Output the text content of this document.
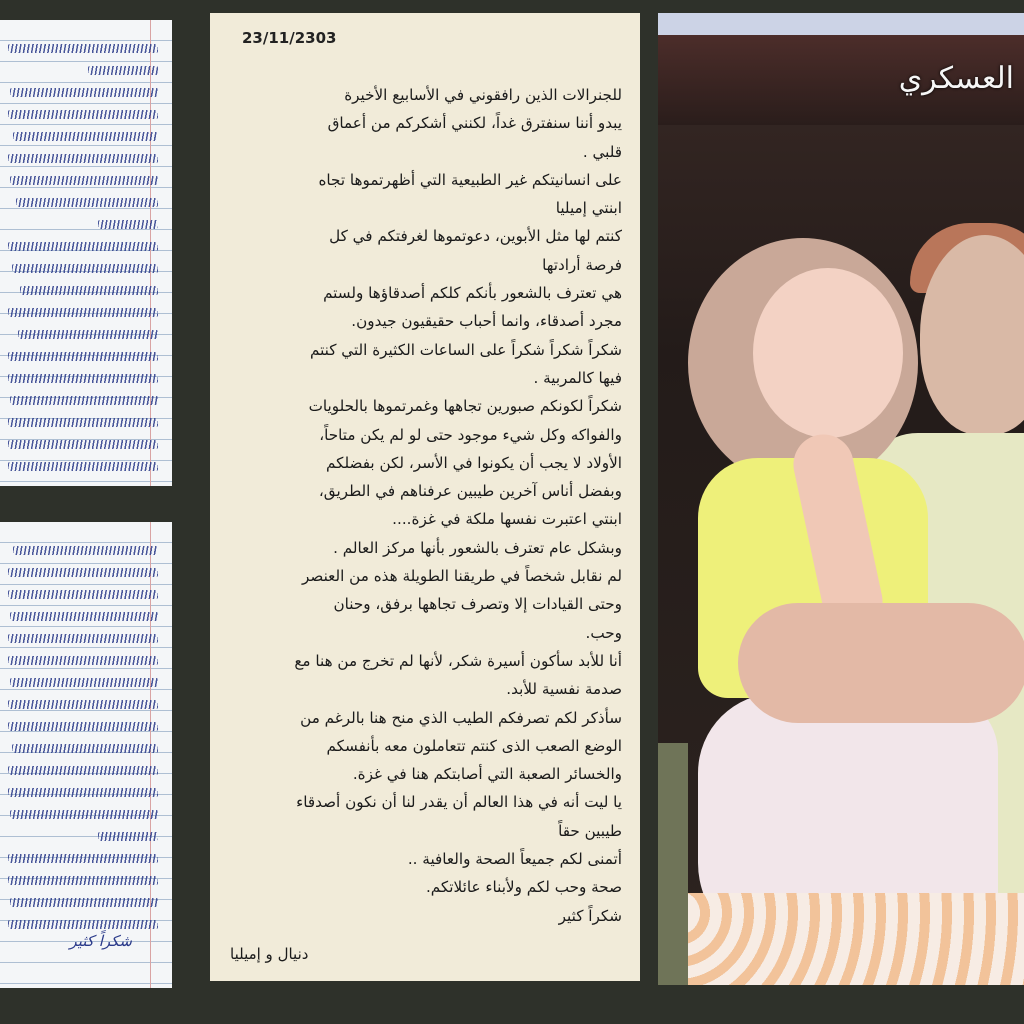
شكراً كثير
23/11/2303

للجنرالات الذين رافقوني في الأسابيع الأخيرة

يبدو أننا سنفترق غداً، لكنني أشكركم من أعماق

قلبي .

على انسانيتكم غير الطبيعية التي أظهرتموها تجاه

ابنتي إميليا

كنتم لها مثل الأبوين، دعوتموها لغرفتكم في كل

فرصة أرادتها

هي تعترف بالشعور بأنكم كلكم أصدقاؤها ولستم

مجرد أصدقاء، وانما أحباب حقيقيون جيدون.

شكراً شكراً شكراً على الساعات الكثيرة التي كنتم

فيها كالمربية .

شكراً لكونكم صبورين تجاهها وغمرتموها بالحلويات

والفواكه وكل شيء موجود حتى لو لم يكن متاحاً،

الأولاد لا يجب أن يكونوا في الأسر، لكن بفضلكم

وبفضل أناس آخرين طيبين عرفناهم في الطريق،

ابنتي اعتبرت نفسها ملكة في غزة....

وبشكل عام تعترف بالشعور بأنها مركز العالم .

لم نقابل شخصاً في طريقنا الطويلة هذه من العنصر

وحتى القيادات إلا وتصرف تجاهها برفق، وحنان

وحب.

أنا للأبد سأكون أسيرة شكر، لأنها لم تخرج من هنا مع

صدمة نفسية للأبد.

سأذكر لكم تصرفكم الطيب الذي منح هنا بالرغم من

الوضع الصعب الذى كنتم تتعاملون معه بأنفسكم

والخسائر الصعبة التي أصابتكم هنا في غزة.

يا ليت أنه في هذا العالم أن يقدر لنا أن نكون أصدقاء

طيبين حقاً

أتمنى لكم جميعاً الصحة والعافية ..

صحة وحب لكم ولأبناء عائلاتكم.

شكراً كثير

دنيال و إميليا
العسكري
